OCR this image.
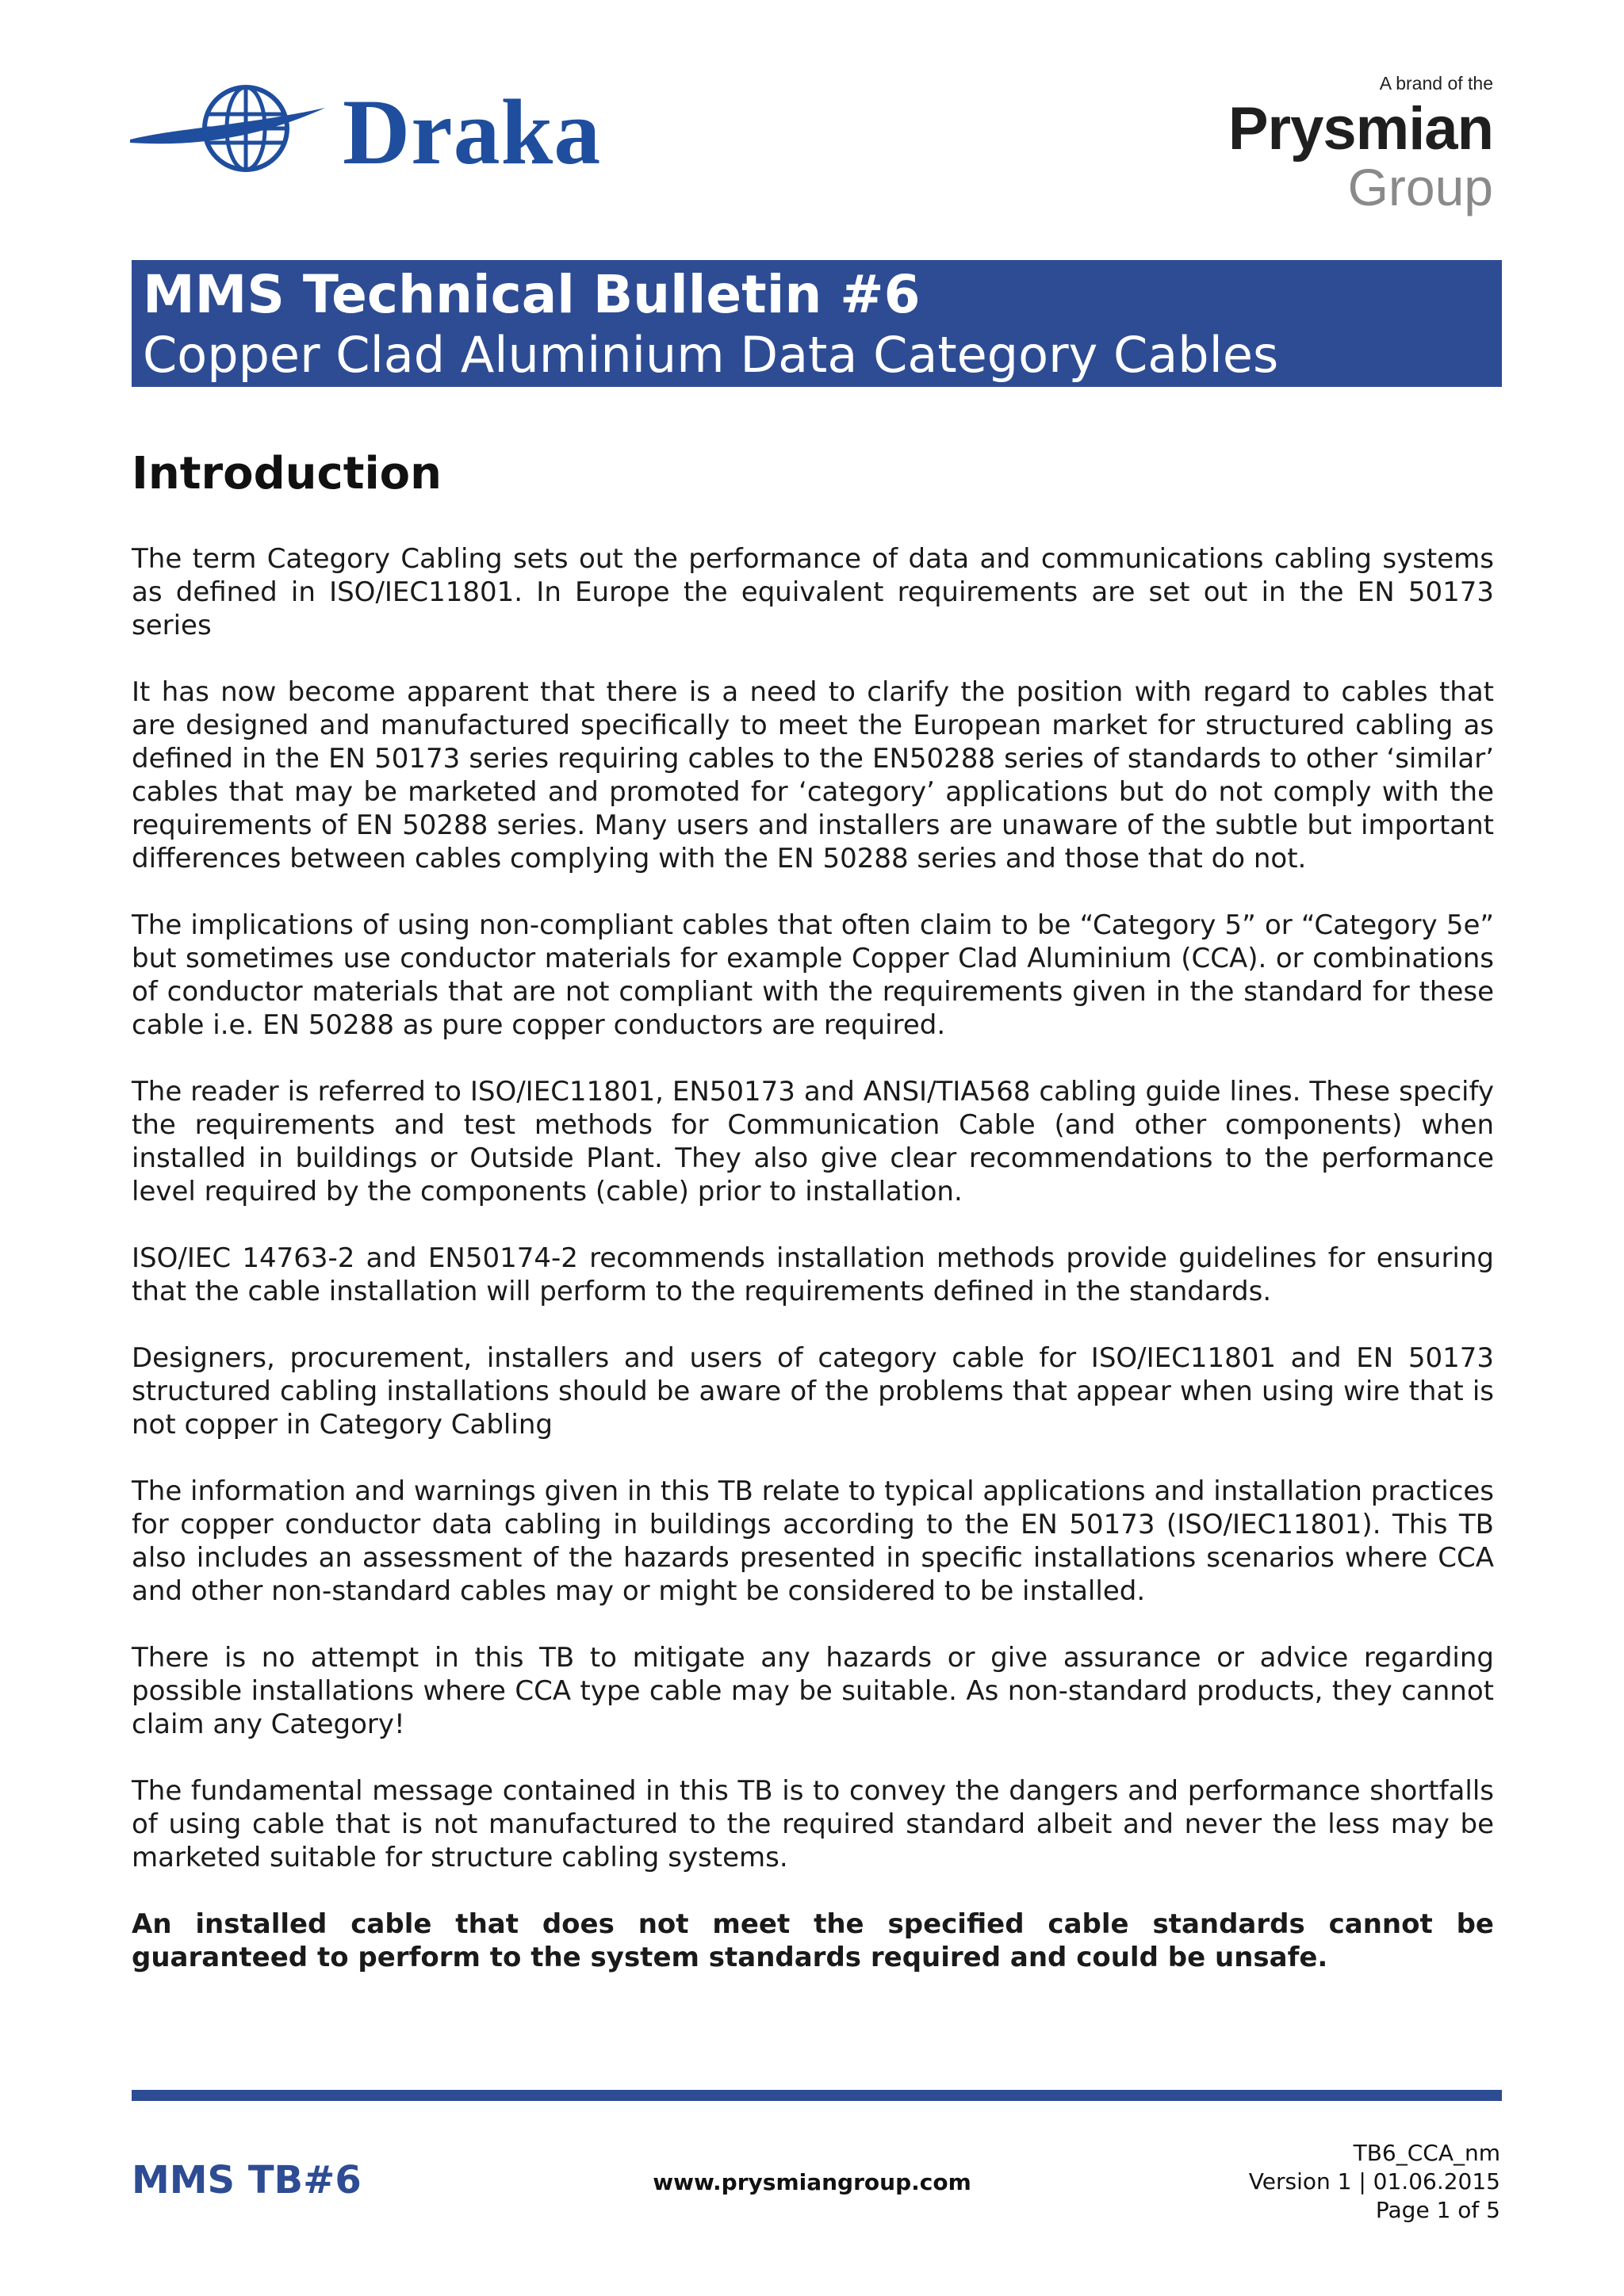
Draka	A brand of the
Prysmian
Group
MMS Technical Bulletin #6
Copper Clad Aluminium Data Category Cables
Introduction

The term Category Cabling sets out the performance of data and communications cabling systems as defined in ISO/IEC11801. In Europe the equivalent requirements are set out in the EN 50173 series

It has now become apparent that there is a need to clarify the position with regard to cables that are designed and manufactured specifically to meet the European market for structured cabling as defined in the EN 50173 series requiring cables to the EN50288 series of standards to other ‘similar’ cables that may be marketed and promoted for ‘category’ applications but do not comply with the requirements of EN 50288 series. Many users and installers are unaware of the subtle but important differences between cables complying with the EN 50288 series and those that do not.

The implications of using non-compliant cables that often claim to be “Category 5” or “Category 5e” but sometimes use conductor materials for example Copper Clad Aluminium (CCA). or combinations of conductor materials that are not compliant with the requirements given in the standard for these cable i.e. EN 50288 as pure copper conductors are required.

The reader is referred to ISO/IEC11801, EN50173 and ANSI/TIA568 cabling guide lines. These specify the requirements and test methods for Communication Cable (and other components) when installed in buildings or Outside Plant. They also give clear recommendations to the performance level required by the components (cable) prior to installation.

ISO/IEC 14763-2 and EN50174-2 recommends installation methods provide guidelines for ensuring that the cable installation will perform to the requirements defined in the standards.

Designers, procurement, installers and users of category cable for ISO/IEC11801 and EN 50173 structured cabling installations should be aware of the problems that appear when using wire that is not copper in Category Cabling

The information and warnings given in this TB relate to typical applications and installation practices for copper conductor data cabling in buildings according to the EN 50173 (ISO/IEC11801). This TB also includes an assessment of the hazards presented in specific installations scenarios where CCA and other non-standard cables may or might be considered to be installed.

There is no attempt in this TB to mitigate any hazards or give assurance or advice regarding possible installations where CCA type cable may be suitable. As non-standard products, they cannot claim any Category!

The fundamental message contained in this TB is to convey the dangers and performance shortfalls of using cable that is not manufactured to the required standard albeit and never the less may be marketed suitable for structure cabling systems.

An installed cable that does not meet the specified cable standards cannot be guaranteed to perform to the system standards required and could be unsafe.

MMS TB#6	www.prysmiangroup.com
TB6_CCA_nm
Version 1 | 01.06.2015
Page 1 of 5
